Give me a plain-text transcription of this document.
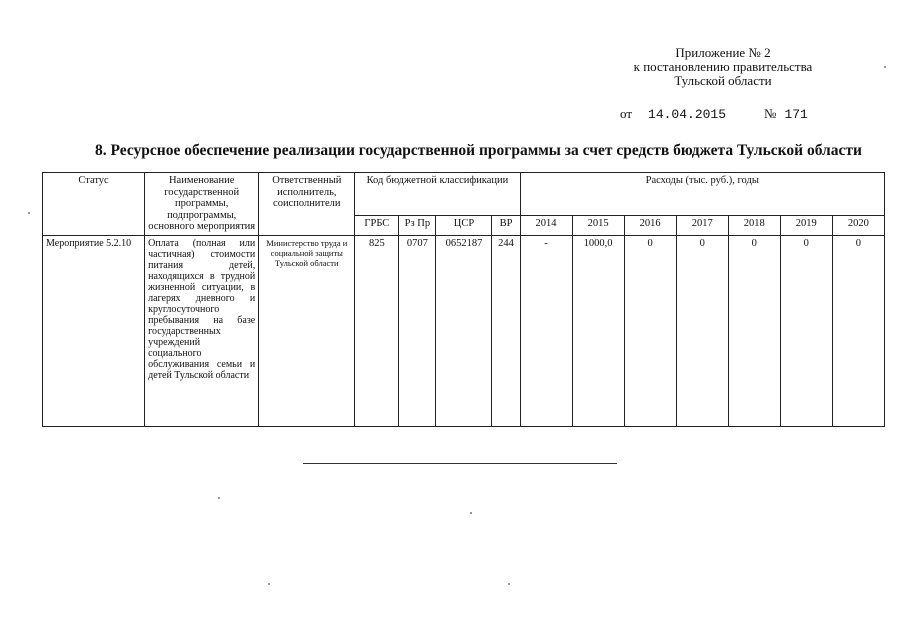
Приложение № 2
к постановлению правительства
Тульской области
от 14.04.2015	№ 171
8. Ресурсное обеспечение реализации государственной программы за счет средств бюджета Тульской области
Статус	Наименование государственной программы, подпрограммы, основного мероприятия	Ответственный исполнитель, соисполнители	Код бюджетной классификации				Расходы (тыс. руб.), годы						
			ГРБС	Рз Пр	ЦСР	ВР	2014	2015	2016	2017	2018	2019	2020
Мероприятие 5.2.10	Оплата (полная или частичная) стоимости питания детей, находящихся в трудной жизненной ситуации, в лагерях дневного и круглосуточного пребывания на базе государственных учреждений социального обслуживания семьи и детей Тульской области	Министерство труда и социальной защиты Тульской области	825	0707	0652187	244	-	1000,0	0	0	0	0	0
